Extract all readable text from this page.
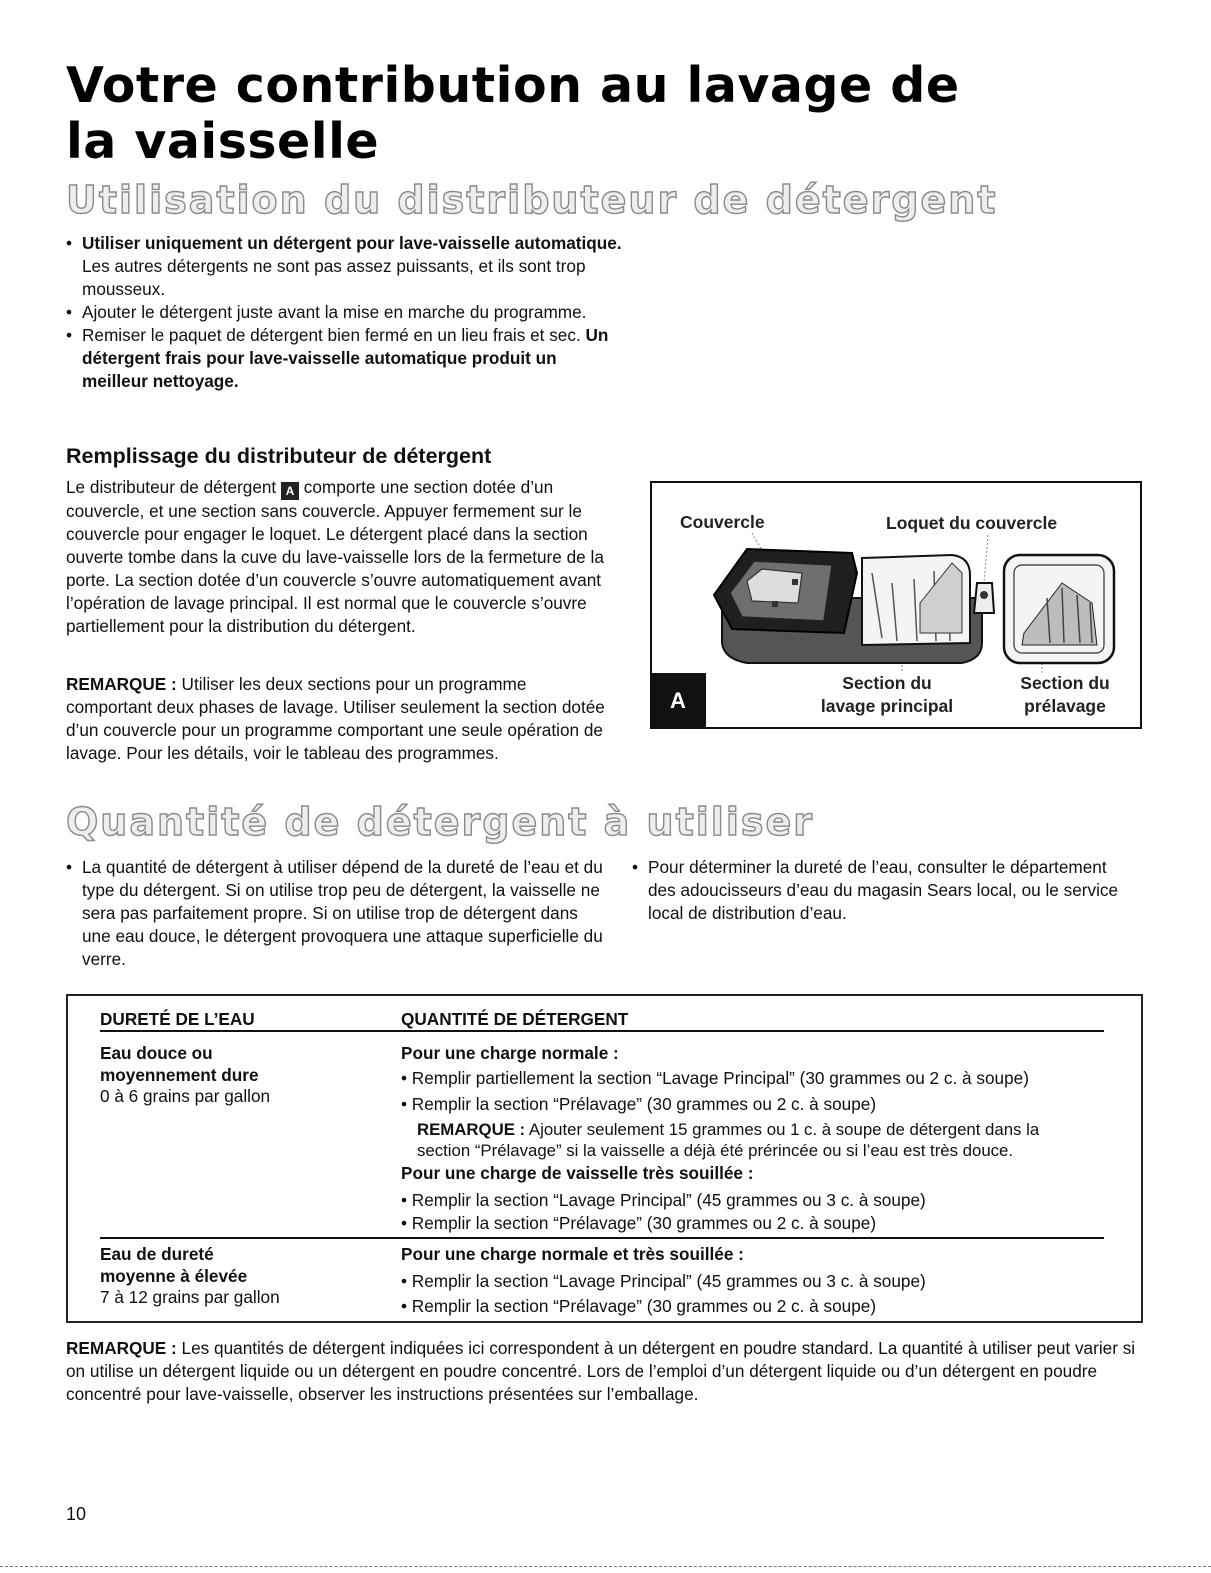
Votre contribution au lavage de
la vaisselle
Utilisation du distributeur de détergent
• Utiliser uniquement un détergent pour lave-vaisselle automatique. Les autres détergents ne sont pas assez puissants, et ils sont trop mousseux.
• Ajouter le détergent juste avant la mise en marche du programme.
• Remiser le paquet de détergent bien fermé en un lieu frais et sec. Un détergent frais pour lave-vaisselle automatique produit un meilleur nettoyage.
Remplissage du distributeur de détergent

Le distributeur de détergent A comporte une section dotée d’un couvercle, et une section sans couvercle. Appuyer fermement sur le couvercle pour engager le loquet. Le détergent placé dans la section ouverte tombe dans la cuve du lave-vaisselle lors de la fermeture de la porte. La section dotée d’un couvercle s’ouvre automatiquement avant l’opération de lavage principal. Il est normal que le couvercle s’ouvre partiellement pour la distribution du détergent.

REMARQUE : Utiliser les deux sections pour un programme comportant deux phases de lavage. Utiliser seulement la section dotée d’un couvercle pour un programme comportant une seule opération de lavage. Pour les détails, voir le tableau des programmes.

Couvercle	Loquet du couvercle
Section du
lavage principal
Section du
prélavage
A
Quantité de détergent à utiliser
• La quantité de détergent à utiliser dépend de la dureté de l’eau et du type du détergent. Si on utilise trop peu de détergent, la vaisselle ne sera pas parfaitement propre. Si on utilise trop de détergent dans une eau douce, le détergent provoquera une attaque superficielle du verre.
• Pour déterminer la dureté de l’eau, consulter le département des adoucisseurs d’eau du magasin Sears local, ou le service local de distribution d’eau.
DURETÉ DE L’EAU	QUANTITÉ DE DÉTERGENT
Eau douce ou
moyennement dure
0 à 6 grains par gallon
Pour une charge normale :
• Remplir partiellement la section “Lavage Principal” (30 grammes ou 2 c. à soupe)
• Remplir la section “Prélavage” (30 grammes ou 2 c. à soupe)
REMARQUE : Ajouter seulement 15 grammes ou 1 c. à soupe de détergent dans la
section “Prélavage” si la vaisselle a déjà été prérincée ou si l’eau est très douce.
Pour une charge de vaisselle très souillée :
• Remplir la section “Lavage Principal” (45 grammes ou 3 c. à soupe)
• Remplir la section “Prélavage” (30 grammes ou 2 c. à soupe)
Eau de dureté
moyenne à élevée
7 à 12 grains par gallon
Pour une charge normale et très souillée :
• Remplir la section “Lavage Principal” (45 grammes ou 3 c. à soupe)
• Remplir la section “Prélavage” (30 grammes ou 2 c. à soupe)

REMARQUE : Les quantités de détergent indiquées ici correspondent à un détergent en poudre standard. La quantité à utiliser peut varier si on utilise un détergent liquide ou un détergent en poudre concentré. Lors de l’emploi d’un détergent liquide ou d’un détergent en poudre concentré pour lave-vaisselle, observer les instructions présentées sur l’emballage.

10
